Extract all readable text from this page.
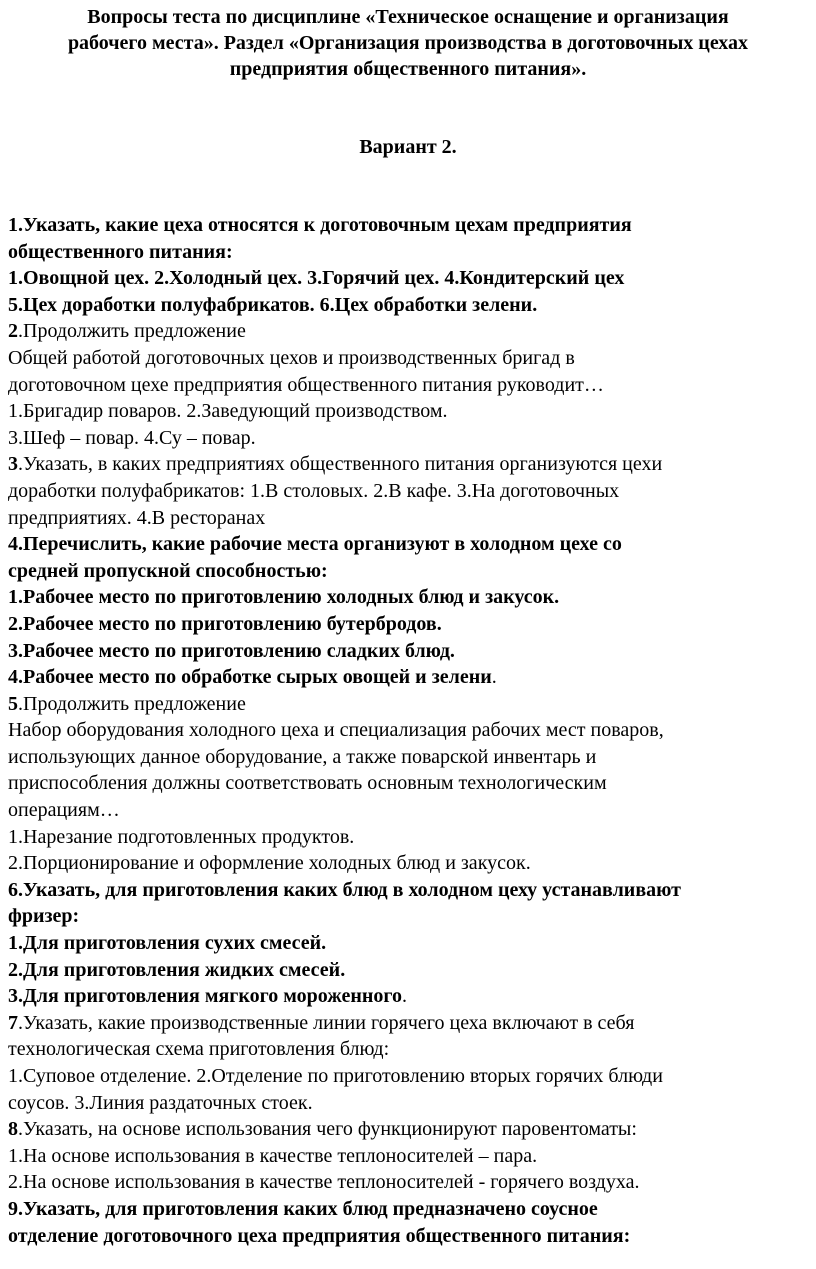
Вопросы теста по дисциплине «Техническое оснащение и организация
рабочего места». Раздел «Организация производства в доготовочных цехах
предприятия общественного питания».
Вариант 2.
1.Указать, какие цеха относятся к доготовочным цехам предприятия
общественного питания:
1.Овощной цех. 2.Холодный цех. 3.Горячий цех. 4.Кондитерский цех
5.Цех доработки полуфабрикатов. 6.Цех обработки зелени.
2.Продолжить предложение
Общей работой доготовочных цехов и производственных бригад в
доготовочном цехе предприятия общественного питания руководит…
1.Бригадир поваров. 2.Заведующий производством.
3.Шеф – повар. 4.Су – повар.
3.Указать, в каких предприятиях общественного питания организуются цехи
доработки полуфабрикатов: 1.В столовых. 2.В кафе. 3.На доготовочных
предприятиях. 4.В ресторанах
4.Перечислить, какие рабочие места организуют в холодном цехе со
средней пропускной способностью:
1.Рабочее место по приготовлению холодных блюд и закусок.
2.Рабочее место по приготовлению бутербродов.
3.Рабочее место по приготовлению сладких блюд.
4.Рабочее место по обработке сырых овощей и зелени.
5.Продолжить предложение
Набор оборудования холодного цеха и специализация рабочих мест поваров,
использующих данное оборудование, а также поварской инвентарь и
приспособления должны соответствовать основным технологическим
операциям…
1.Нарезание подготовленных продуктов.
2.Порционирование и оформление холодных блюд и закусок.
6.Указать, для приготовления каких блюд в холодном цеху устанавливают
фризер:
1.Для приготовления сухих смесей.
2.Для приготовления жидких смесей.
3.Для приготовления мягкого мороженного.
7.Указать, какие производственные линии горячего цеха включают в себя
технологическая схема приготовления блюд:
1.Суповое отделение. 2.Отделение по приготовлению вторых горячих блюди
соусов. 3.Линия раздаточных стоек.
8.Указать, на основе использования чего функционируют паровентоматы:
1.На основе использования в качестве теплоносителей – пара.
2.На основе использования в качестве теплоносителей - горячего воздуха.
9.Указать, для приготовления каких блюд предназначено соусное
отделение доготовочного цеха предприятия общественного питания:
